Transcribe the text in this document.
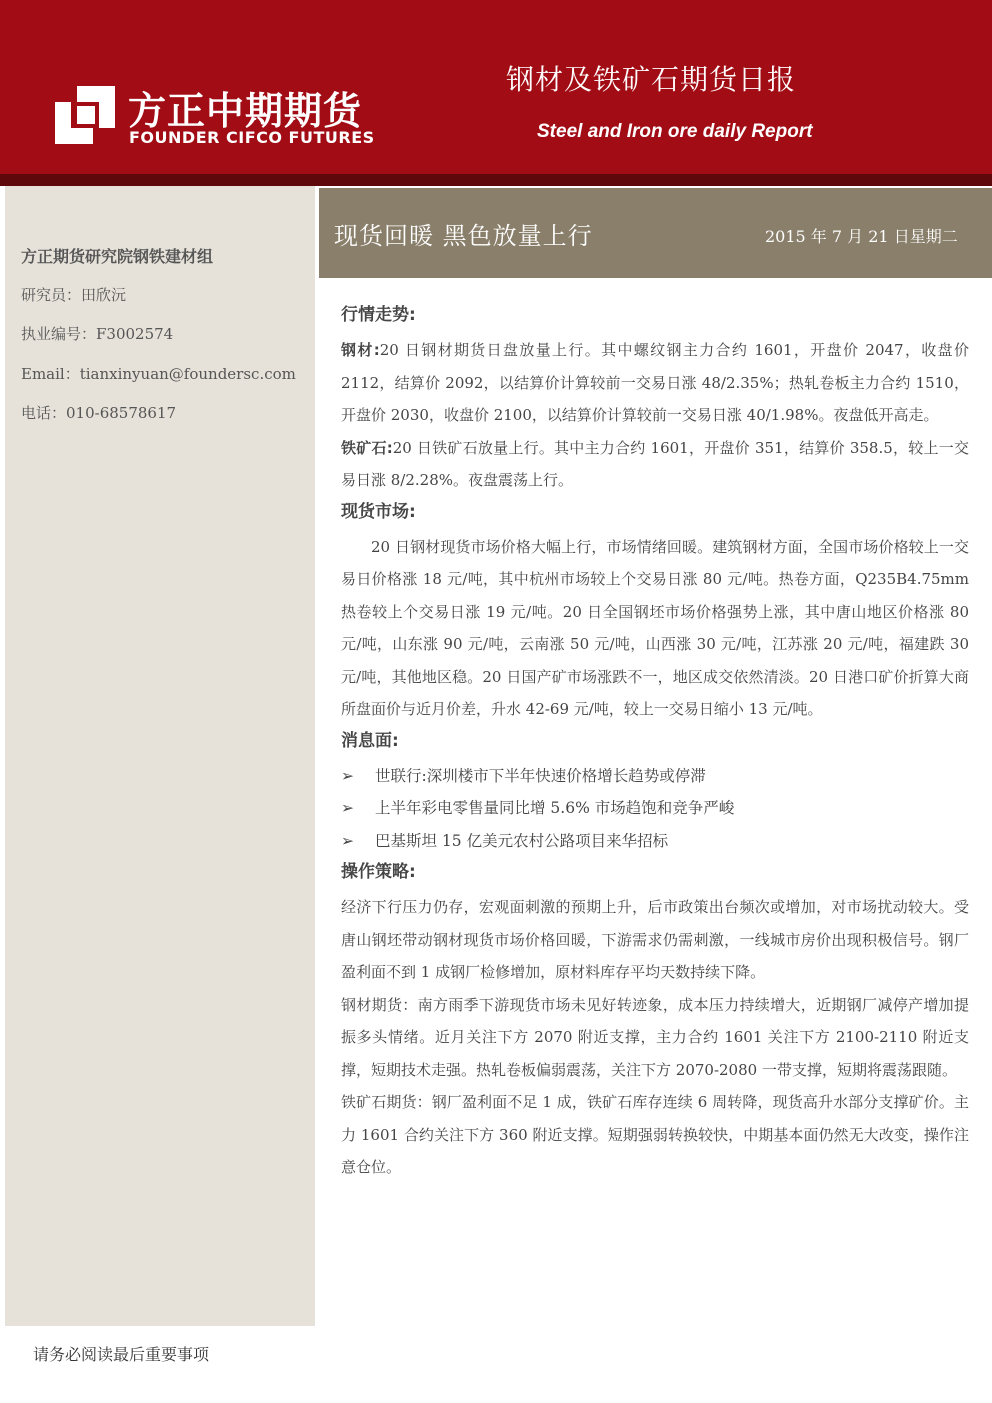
方正中期期货
FOUNDER CIFCO FUTURES
钢材及铁矿石期货日报
Steel and Iron ore daily Report
方正期货研究院钢铁建材组
研究员：田欣沅
执业编号：F3002574
Email：tianxinyuan@foundersc.com
电话：010-68578617
现货回暖 黑色放量上行	2015 年 7 月 21 日星期二
行情走势:

钢材:20 日钢材期货日盘放量上行。其中螺纹钢主力合约 1601，开盘价 2047，收盘价 2112，结算价 2092，以结算价计算较前一交易日涨 48/2.35%；热轧卷板主力合约 1510，开盘价 2030，收盘价 2100，以结算价计算较前一交易日涨 40/1.98%。夜盘低开高走。

铁矿石:20 日铁矿石放量上行。其中主力合约 1601，开盘价 351，结算价 358.5，较上一交易日涨 8/2.28%。夜盘震荡上行。

现货市场:

20 日钢材现货市场价格大幅上行，市场情绪回暖。建筑钢材方面，全国市场价格较上一交易日价格涨 18 元/吨，其中杭州市场较上个交易日涨 80 元/吨。热卷方面，Q235B4.75mm 热卷较上个交易日涨 19 元/吨。20 日全国钢坯市场价格强势上涨，其中唐山地区价格涨 80 元/吨，山东涨 90 元/吨，云南涨 50 元/吨，山西涨 30 元/吨，江苏涨 20 元/吨，福建跌 30 元/吨，其他地区稳。20 日国产矿市场涨跌不一，地区成交依然清淡。20 日港口矿价折算大商所盘面价与近月价差，升水 42-69 元/吨，较上一交易日缩小 13 元/吨。

消息面:
➢	世联行:深圳楼市下半年快速价格增长趋势或停滞
➢	上半年彩电零售量同比增 5.6% 市场趋饱和竞争严峻
➢	巴基斯坦 15 亿美元农村公路项目来华招标
操作策略:

经济下行压力仍存，宏观面刺激的预期上升，后市政策出台频次或增加，对市场扰动较大。受唐山钢坯带动钢材现货市场价格回暖，下游需求仍需刺激，一线城市房价出现积极信号。钢厂盈利面不到 1 成钢厂检修增加，原材料库存平均天数持续下降。

钢材期货：南方雨季下游现货市场未见好转迹象，成本压力持续增大，近期钢厂减停产增加提振多头情绪。近月关注下方 2070 附近支撑，主力合约 1601 关注下方 2100-2110 附近支撑，短期技术走强。热轧卷板偏弱震荡，关注下方 2070-2080 一带支撑，短期将震荡跟随。

铁矿石期货：钢厂盈利面不足 1 成，铁矿石库存连续 6 周转降，现货高升水部分支撑矿价。主力 1601 合约关注下方 360 附近支撑。短期强弱转换较快，中期基本面仍然无大改变，操作注意仓位。

请务必阅读最后重要事项
